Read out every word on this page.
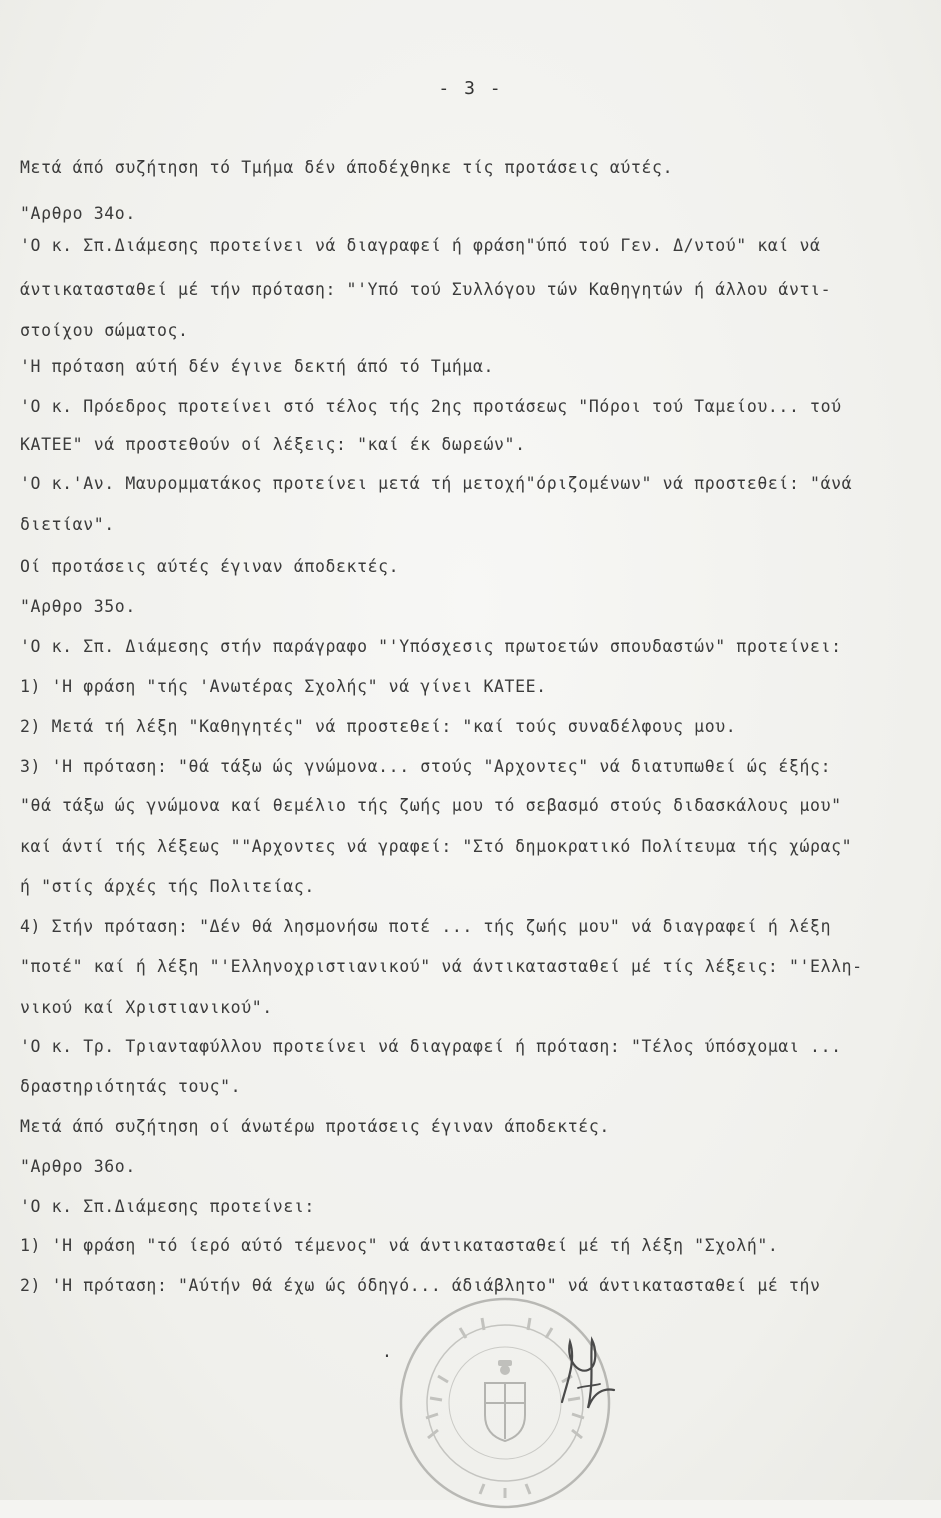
- 3 -
Μετά άπό συζήτηση τό Τμήμα δέν άποδέχθηκε τίς προτάσεις αύτές.
"Αρθρο 34ο.
'Ο κ. Σπ.Διάμεσης προτείνει νά διαγραφεί ή φράση"ύπό τού Γεν. Δ/ντού" καί νά
άντικατασταθεί μέ τήν πρόταση: "'Υπό τού Συλλόγου τών Καθηγητών ή άλλου άντι-
στοίχου σώματος.
'Η πρόταση αύτή δέν έγινε δεκτή άπό τό Τμήμα.
'Ο κ. Πρόεδρος προτείνει στό τέλος τής 2ης προτάσεως "Πόροι τού Ταμείου... τού
ΚΑΤΕΕ" νά προστεθούν οί λέξεις: "καί έκ δωρεών".
'Ο κ.'Αν. Μαυρομματάκος προτείνει μετά τή μετοχή"όριζομένων" νά προστεθεί: "άνά
διετίαν".
Οί προτάσεις αύτές έγιναν άποδεκτές.
"Αρθρο 35ο.
'Ο κ. Σπ. Διάμεσης στήν παράγραφο "'Υπόσχεσις πρωτοετών σπουδαστών" προτείνει:
1) 'Η φράση "τής 'Ανωτέρας Σχολής" νά γίνει ΚΑΤΕΕ.
2) Μετά τή λέξη "Καθηγητές" νά προστεθεί: "καί τούς συναδέλφους μου.
3) 'Η πρόταση: "θά τάξω ώς γνώμονα... στούς "Αρχοντες" νά διατυπωθεί ώς έξής:
"θά τάξω ώς γνώμονα καί θεμέλιο τής ζωής μου τό σεβασμό στούς διδασκάλους μου"
καί άντί τής λέξεως ""Αρχοντες νά γραφεί: "Στό δημοκρατικό Πολίτευμα τής χώρας"
ή "στίς άρχές τής Πολιτείας.
4) Στήν πρόταση: "Δέν θά λησμονήσω ποτέ ... τής ζωής μου" νά διαγραφεί ή λέξη
"ποτέ" καί ή λέξη "'Ελληνοχριστιανικού" νά άντικατασταθεί μέ τίς λέξεις: "'Ελλη-
νικού καί Χριστιανικού".
'Ο κ. Τρ. Τριανταφύλλου προτείνει νά διαγραφεί ή πρόταση: "Τέλος ύπόσχομαι ...
δραστηριότητάς τους".
Μετά άπό συζήτηση οί άνωτέρω προτάσεις έγιναν άποδεκτές.
"Αρθρο 36ο.
'Ο κ. Σπ.Διάμεσης προτείνει:
1) 'Η φράση "τό ίερό αύτό τέμενος" νά άντικατασταθεί μέ τή λέξη "Σχολή".
2) 'Η πρόταση: "Αύτήν θά έχω ώς όδηγό... άδιάβλητο" νά άντικατασταθεί μέ τήν
.
